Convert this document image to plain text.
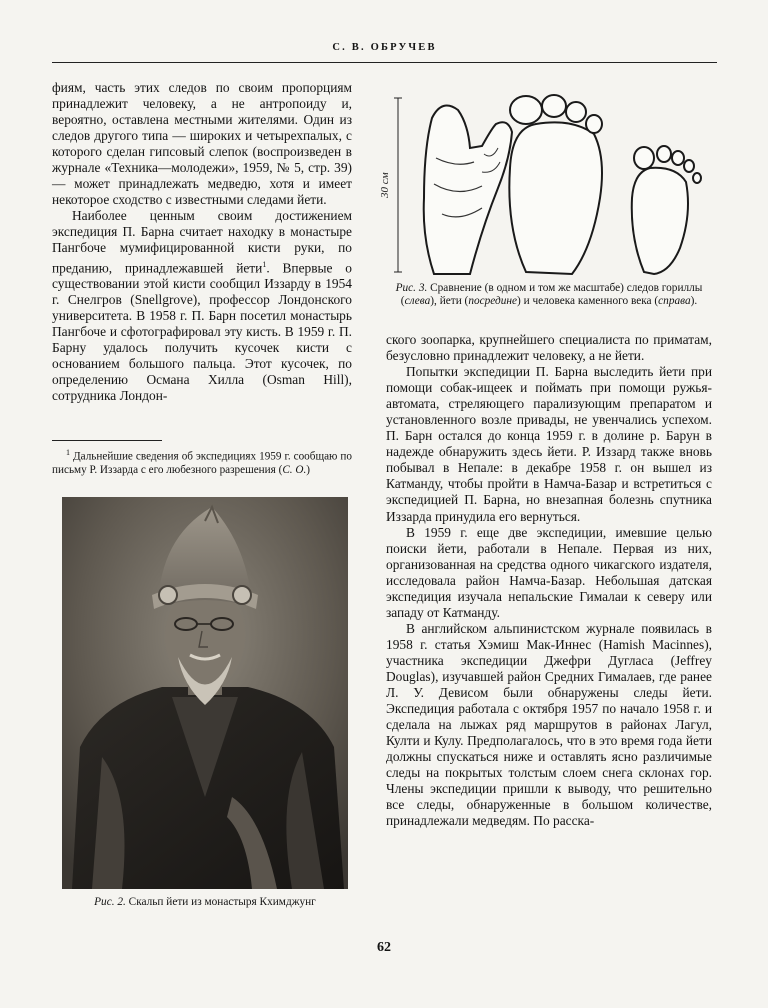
С. В. ОБРУЧЕВ

фиям, часть этих следов по своим пропорциям принадлежит человеку, а не антропоиду и, вероятно, оставлена местными жителями. Один из следов другого типа — широких и четырехпалых, с которого сделан гипсовый слепок (воспроизведен в журнале «Техника—молодежи», 1959, № 5, стр. 39) — может принадлежать медведю, хотя и имеет некоторое сходство с известными следами йети.

Наиболее ценным своим достижением экспедиция П. Барна считает находку в монастыре Пангбоче мумифицированной кисти руки, по преданию, принадлежавшей йети$^1$. Впервые о существовании этой кисти сообщил Иззарду в 1954 г. Снелгров (Snellgrove), профессор Лондонского университета. В 1958 г. П. Барн посетил монастырь Пангбоче и сфотографировал эту кисть. В 1959 г. П. Барну удалось получить кусочек кисти с основанием большого пальца. Этот кусочек, по определению Османа Хилла (Osman Hill), сотрудника Лондон-

$^1$ Дальнейшие сведения об экспедициях 1959 г. сообщаю по письму Р. Иззарда с его любезного разрешения (С. О.)
Рис. 2. Скальп йети из монастыря Кхимджунг
30 см
Рис. 3. Сравнение (в одном и том же масштабе) следов гориллы (слева), йети (посредине) и человека каменного века (справа).

ского зоопарка, крупнейшего специалиста по приматам, безусловно принадлежит человеку, а не йети.

Попытки экспедиции П. Барна выследить йети при помощи собак-ищеек и поймать при помощи ружья-автомата, стреляющего парализующим препаратом и установленного возле привады, не увенчались успехом. П. Барн остался до конца 1959 г. в долине р. Барун в надежде обнаружить здесь йети. Р. Иззард также вновь побывал в Непале: в декабре 1958 г. он вышел из Катманду, чтобы пройти в Намча-Базар и встретиться с экспедицией П. Барна, но внезапная болезнь спутника Иззарда принудила его вернуться.

В 1959 г. еще две экспедиции, имевшие целью поиски йети, работали в Непале. Первая из них, организованная на средства одного чикагского издателя, исследовала район Намча-Базар. Небольшая датская экспедиция изучала непальские Гималаи к северу или западу от Катманду.

В английском альпинистском журнале появилась в 1958 г. статья Хэмиш Мак-Иннес (Hamish Macinnes), участника экспедиции Джефри Дугласа (Jeffrey Douglas), изучавшей район Средних Гималаев, где ранее Л. У. Девисом были обнаружены следы йети. Экспедиция работала с октября 1957 по начало 1958 г. и сделала на лыжах ряд маршрутов в районах Лагул, Култи и Кулу. Предполагалось, что в это время года йети должны спускаться ниже и оставлять ясно различимые следы на покрытых толстым слоем снега склонах гор. Члены экспедиции пришли к выводу, что решительно все следы, обнаруженные в большом количестве, принадлежали медведям. По расска-

62
